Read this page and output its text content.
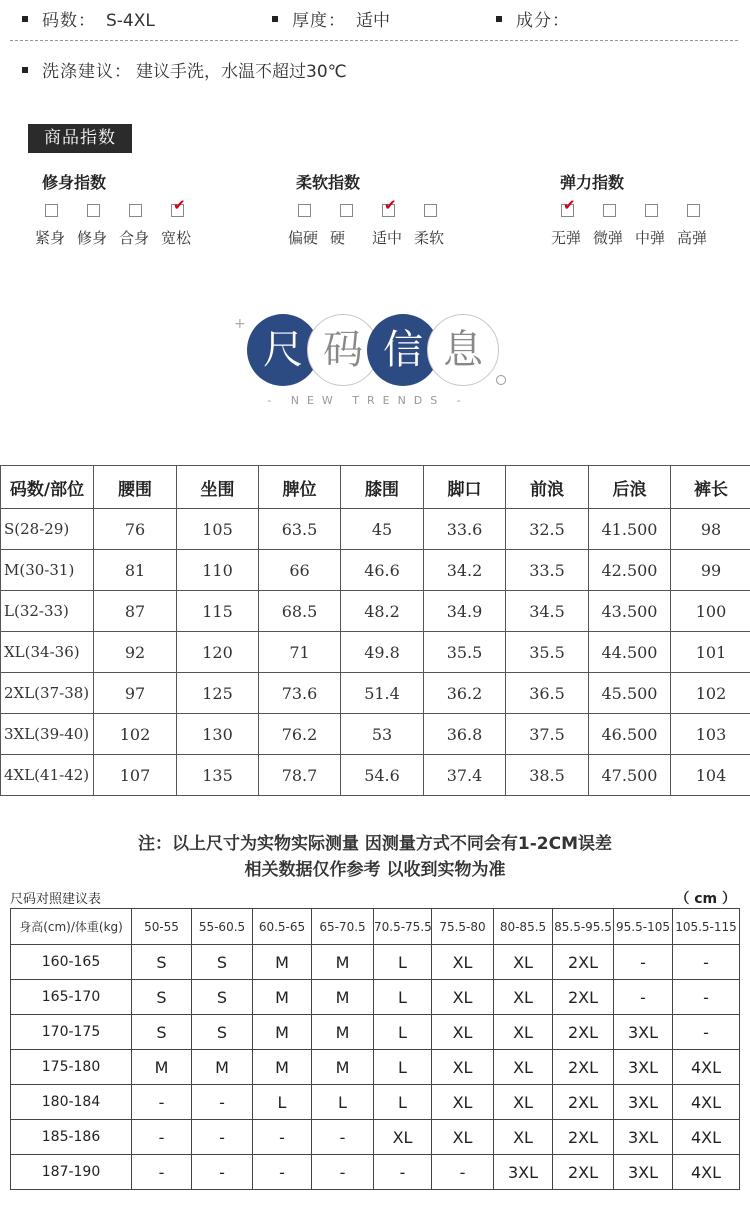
码数： S-4XL	厚度： 适中	成分：
洗涤建议： 建议手洗，水温不超过30℃
商品指数
修身指数
紧身 修身 合身
✔
宽松
柔软指数
偏硬 硬
✔
适中 柔软
弹力指数
✔
无弹 微弹 中弹 高弹
+
尺 码 信 息
- NEW TRENDS -
码数/部位	腰围	坐围	脾位	膝围	脚口	前浪	后浪	裤长
S(28-29)	76	105	63.5	45	33.6	32.5	41.500	98
M(30-31)	81	110	66	46.6	34.2	33.5	42.500	99
L(32-33)	87	115	68.5	48.2	34.9	34.5	43.500	100
XL(34-36)	92	120	71	49.8	35.5	35.5	44.500	101
2XL(37-38)	97	125	73.6	51.4	36.2	36.5	45.500	102
3XL(39-40)	102	130	76.2	53	36.8	37.5	46.500	103
4XL(41-42)	107	135	78.7	54.6	37.4	38.5	47.500	104
注：以上尺寸为实物实际测量 因测量方式不同会有1-2CM误差
相关数据仅作参考 以收到实物为准
尺码对照建议表	（ cm ）
身高(cm)/体重(kg)	50-55	55-60.5	60.5-65	65-70.5	70.5-75.5	75.5-80	80-85.5	85.5-95.5	95.5-105	105.5-115
160-165	S	S	M	M	L	XL	XL	2XL	-	-
165-170	S	S	M	M	L	XL	XL	2XL	-	-
170-175	S	S	M	M	L	XL	XL	2XL	3XL	-
175-180	M	M	M	M	L	XL	XL	2XL	3XL	4XL
180-184	-	-	L	L	L	XL	XL	2XL	3XL	4XL
185-186	-	-	-	-	XL	XL	XL	2XL	3XL	4XL
187-190	-	-	-	-	-	-	3XL	2XL	3XL	4XL
